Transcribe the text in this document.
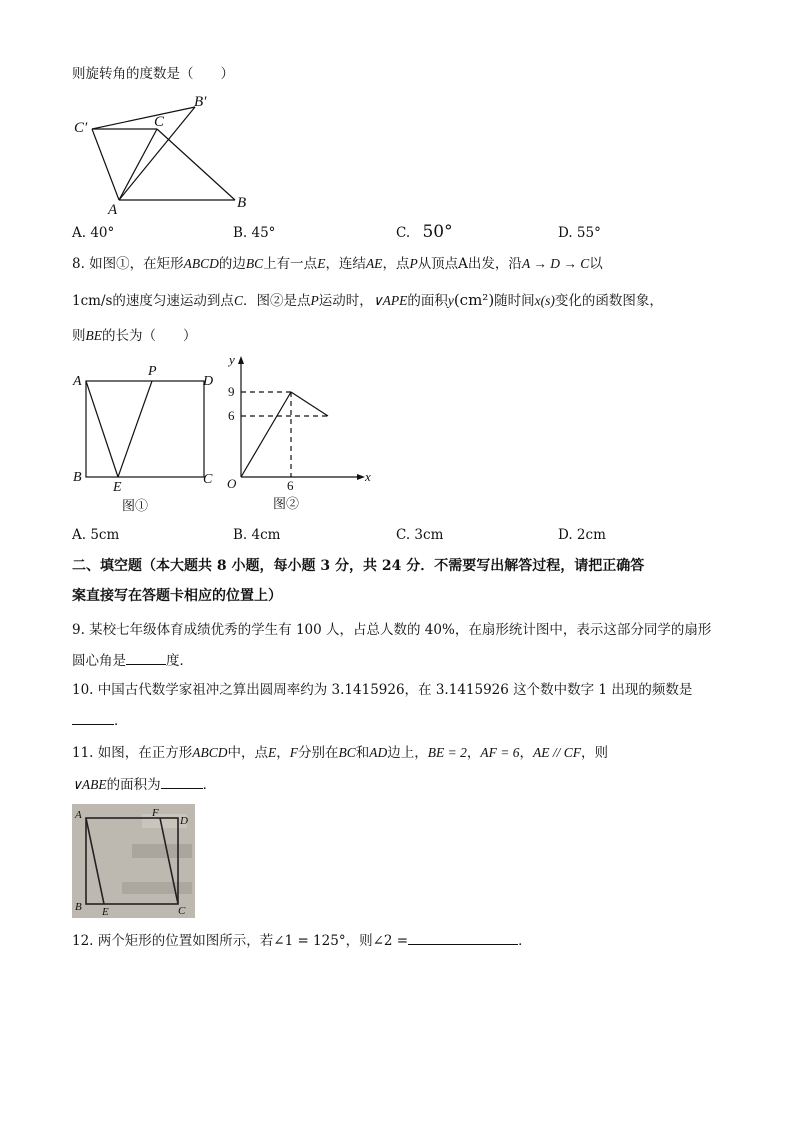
则旋转角的度数是（　　）
C′
B′
C
A	B
A. 40°	B. 45°	C. 50°	D. 55°
8. 如图①，在矩形ABCD的边BC上有一点E，连结AE，点P从顶点A出发，沿A → D → C以
1cm/s的速度匀速运动到点C．图②是点P运动时，∨APE的面积y(cm²)随时间x(s)变化的函数图象，
则BE的长为（　　）
A
P
D
B
E
C
图①
y
9
6
O	x
6
图②
A. 5cm	B. 4cm	C. 3cm	D. 2cm
二、填空题（本大题共 8 小题，每小题 3 分，共 24 分．不需要写出解答过程，请把正确答
案直接写在答题卡相应的位置上）
9. 某校七年级体育成绩优秀的学生有 100 人，占总人数的 40%，在扇形统计图中，表示这部分同学的扇形
圆心角是	度．
10. 中国古代数学家祖冲之算出圆周率约为 3.1415926，在 3.1415926 这个数中数字 1 出现的频数是
．
11. 如图，在正方形ABCD中，点E，F分别在BC和AD边上，BE = 2，AF = 6，AE // CF，则
∨ABE的面积为	．
A	F
D
B E	C
12. 两个矩形的位置如图所示，若∠1 = 125°，则∠2 =	．
